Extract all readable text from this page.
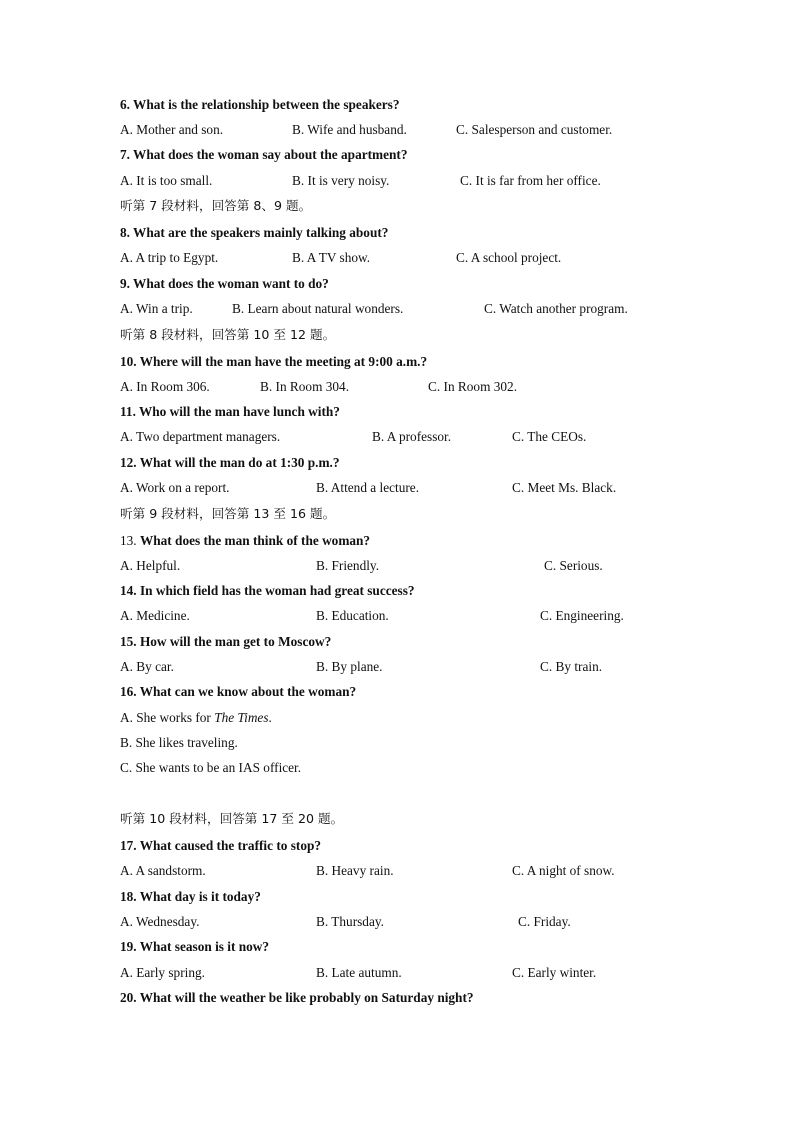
6. What is the relationship between the speakers?
A. Mother and son.	B. Wife and husband.	C. Salesperson and customer.
7. What does the woman say about the apartment?
A. It is too small.	B. It is very noisy.	C. It is far from her office.
听第 7 段材料，回答第 8、9 题。
8. What are the speakers mainly talking about?
A. A trip to Egypt.	B. A TV show.	C. A school project.
9. What does the woman want to do?
A. Win a trip.	B. Learn about natural wonders.	C. Watch another program.
听第 8 段材料，回答第 10 至 12 题。
10. Where will the man have the meeting at 9:00 a.m.?
A. In Room 306.	B. In Room 304.	C. In Room 302.
11. Who will the man have lunch with?
A. Two department managers.	B. A professor.	C. The CEOs.
12. What will the man do at 1:30 p.m.?
A. Work on a report.	B. Attend a lecture.	C. Meet Ms. Black.
听第 9 段材料，回答第 13 至 16 题。
13. What does the man think of the woman?
A. Helpful.	B. Friendly.	C. Serious.
14. In which field has the woman had great success?
A. Medicine.	B. Education.	C. Engineering.
15. How will the man get to Moscow?
A. By car.	B. By plane.	C. By train.
16. What can we know about the woman?
A. She works for The Times.
B. She likes traveling.
C. She wants to be an IAS officer.
听第 10 段材料，回答第 17 至 20 题。
17. What caused the traffic to stop?
A. A sandstorm.	B. Heavy rain.	C. A night of snow.
18. What day is it today?
A. Wednesday.	B. Thursday.	C. Friday.
19. What season is it now?
A. Early spring.	B. Late autumn.	C. Early winter.
20. What will the weather be like probably on Saturday night?
